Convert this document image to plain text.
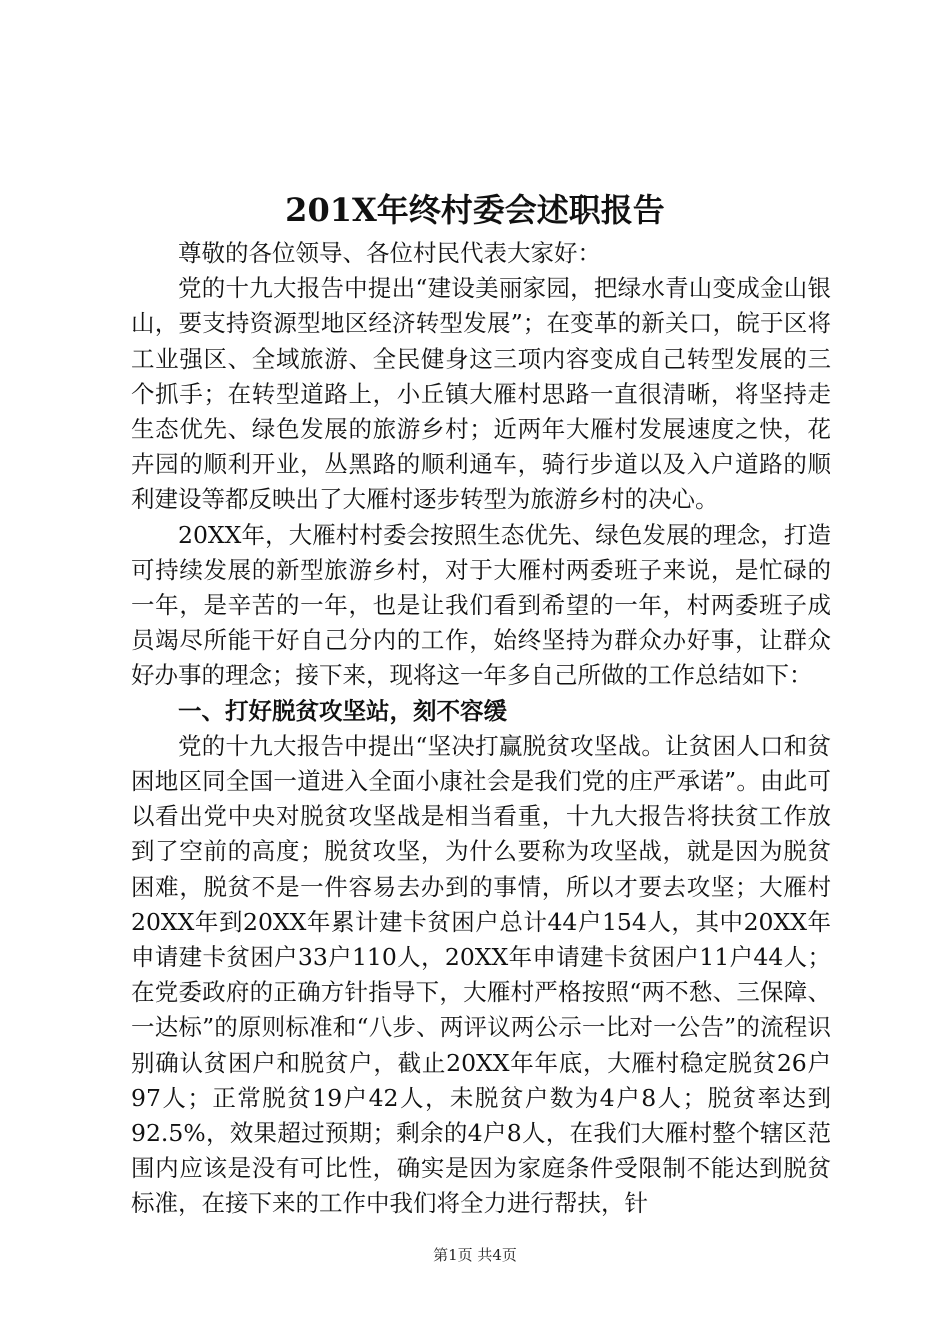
201X年终村委会述职报告

尊敬的各位领导、各位村民代表大家好：

党的十九大报告中提出“建设美丽家园，把绿水青山变成金山银山，要支持资源型地区经济转型发展”；在变革的新关口，皖于区将工业强区、全域旅游、全民健身这三项内容变成自己转型发展的三个抓手；在转型道路上，小丘镇大雁村思路一直很清晰，将坚持走生态优先、绿色发展的旅游乡村；近两年大雁村发展速度之快，花卉园的顺利开业，丛黑路的顺利通车，骑行步道以及入户道路的顺利建设等都反映出了大雁村逐步转型为旅游乡村的决心。

20XX年，大雁村村委会按照生态优先、绿色发展的理念，打造可持续发展的新型旅游乡村，对于大雁村两委班子来说，是忙碌的一年，是辛苦的一年，也是让我们看到希望的一年，村两委班子成员竭尽所能干好自己分内的工作，始终坚持为群众办好事，让群众好办事的理念；接下来，现将这一年多自己所做的工作总结如下：

一、打好脱贫攻坚站，刻不容缓

党的十九大报告中提出“坚决打赢脱贫攻坚战。让贫困人口和贫困地区同全国一道进入全面小康社会是我们党的庄严承诺”。由此可以看出党中央对脱贫攻坚战是相当看重，十九大报告将扶贫工作放到了空前的高度；脱贫攻坚，为什么要称为攻坚战，就是因为脱贫困难，脱贫不是一件容易去办到的事情，所以才要去攻坚；大雁村20XX年到20XX年累计建卡贫困户总计44户154人，其中20XX年申请建卡贫困户33户110人，20XX年申请建卡贫困户11户44人；在党委政府的正确方针指导下，大雁村严格按照“两不愁、三保障、一达标”的原则标准和“八步、两评议两公示一比对一公告”的流程识别确认贫困户和脱贫户，截止20XX年年底，大雁村稳定脱贫26户97人；正常脱贫19户42人，未脱贫户数为4户8人；脱贫率达到92.5%，效果超过预期；剩余的4户8人，在我们大雁村整个辖区范围内应该是没有可比性，确实是因为家庭条件受限制不能达到脱贫标准，在接下来的工作中我们将全力进行帮扶，针

第1页 共4页
